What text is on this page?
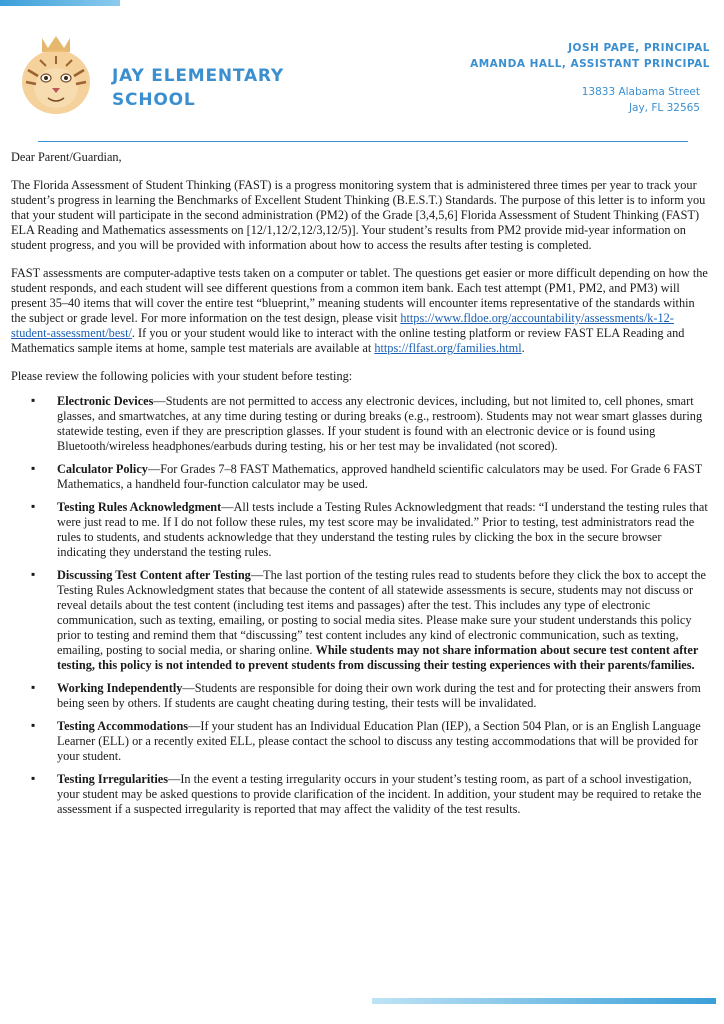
JAY ELEMENTARY
SCHOOL
JOSH PAPE, PRINCIPAL
AMANDA HALL, ASSISTANT PRINCIPAL
13833 Alabama Street
Jay, FL 32565

Dear Parent/Guardian,

The Florida Assessment of Student Thinking (FAST) is a progress monitoring system that is administered three times per year to track your student’s progress in learning the Benchmarks of Excellent Student Thinking (B.E.S.T.) Standards. The purpose of this letter is to inform you that your student will participate in the second administration (PM2) of the Grade [3,4,5,6] Florida Assessment of Student Thinking (FAST) ELA Reading and Mathematics assessments on [12/1,12/2,12/3,12/5)]. Your student’s results from PM2 provide mid-year information on student progress, and you will be provided with information about how to access the results after testing is completed.

FAST assessments are computer-adaptive tests taken on a computer or tablet. The questions get easier or more difficult depending on how the student responds, and each student will see different questions from a common item bank. Each test attempt (PM1, PM2, and PM3) will present 35–40 items that will cover the entire test “blueprint,” meaning students will encounter items representative of the standards within the subject or grade level. For more information on the test design, please visit https://www.fldoe.org/accountability/assessments/k-12-student-assessment/best/. If you or your student would like to interact with the online testing platform or review FAST ELA Reading and Mathematics sample items at home, sample test materials are available at https://flfast.org/families.html.

Please review the following policies with your student before testing:

▪ Electronic Devices—Students are not permitted to access any electronic devices, including, but not limited to, cell phones, smart glasses, and smartwatches, at any time during testing or during breaks (e.g., restroom). Students may not wear smart glasses during statewide testing, even if they are prescription glasses. If your student is found with an electronic device or is found using Bluetooth/wireless headphones/earbuds during testing, his or her test may be invalidated (not scored).
▪ Calculator Policy—For Grades 7–8 FAST Mathematics, approved handheld scientific calculators may be used. For Grade 6 FAST Mathematics, a handheld four-function calculator may be used.
▪ Testing Rules Acknowledgment—All tests include a Testing Rules Acknowledgment that reads: “I understand the testing rules that were just read to me. If I do not follow these rules, my test score may be invalidated.” Prior to testing, test administrators read the rules to students, and students acknowledge that they understand the testing rules by clicking the box in the secure browser indicating they understand the testing rules.
▪ Discussing Test Content after Testing—The last portion of the testing rules read to students before they click the box to accept the Testing Rules Acknowledgment states that because the content of all statewide assessments is secure, students may not discuss or reveal details about the test content (including test items and passages) after the test. This includes any type of electronic communication, such as texting, emailing, or posting to social media sites. Please make sure your student understands this policy prior to testing and remind them that “discussing” test content includes any kind of electronic communication, such as texting, emailing, posting to social media, or sharing online. While students may not share information about secure test content after testing, this policy is not intended to prevent students from discussing their testing experiences with their parents/families.
▪ Working Independently—Students are responsible for doing their own work during the test and for protecting their answers from being seen by others. If students are caught cheating during testing, their tests will be invalidated.
▪ Testing Accommodations—If your student has an Individual Education Plan (IEP), a Section 504 Plan, or is an English Language Learner (ELL) or a recently exited ELL, please contact the school to discuss any testing accommodations that will be provided for your student.
▪ Testing Irregularities—In the event a testing irregularity occurs in your student’s testing room, as part of a school investigation, your student may be asked questions to provide clarification of the incident. In addition, your student may be required to retake the assessment if a suspected irregularity is reported that may affect the validity of the test results.
